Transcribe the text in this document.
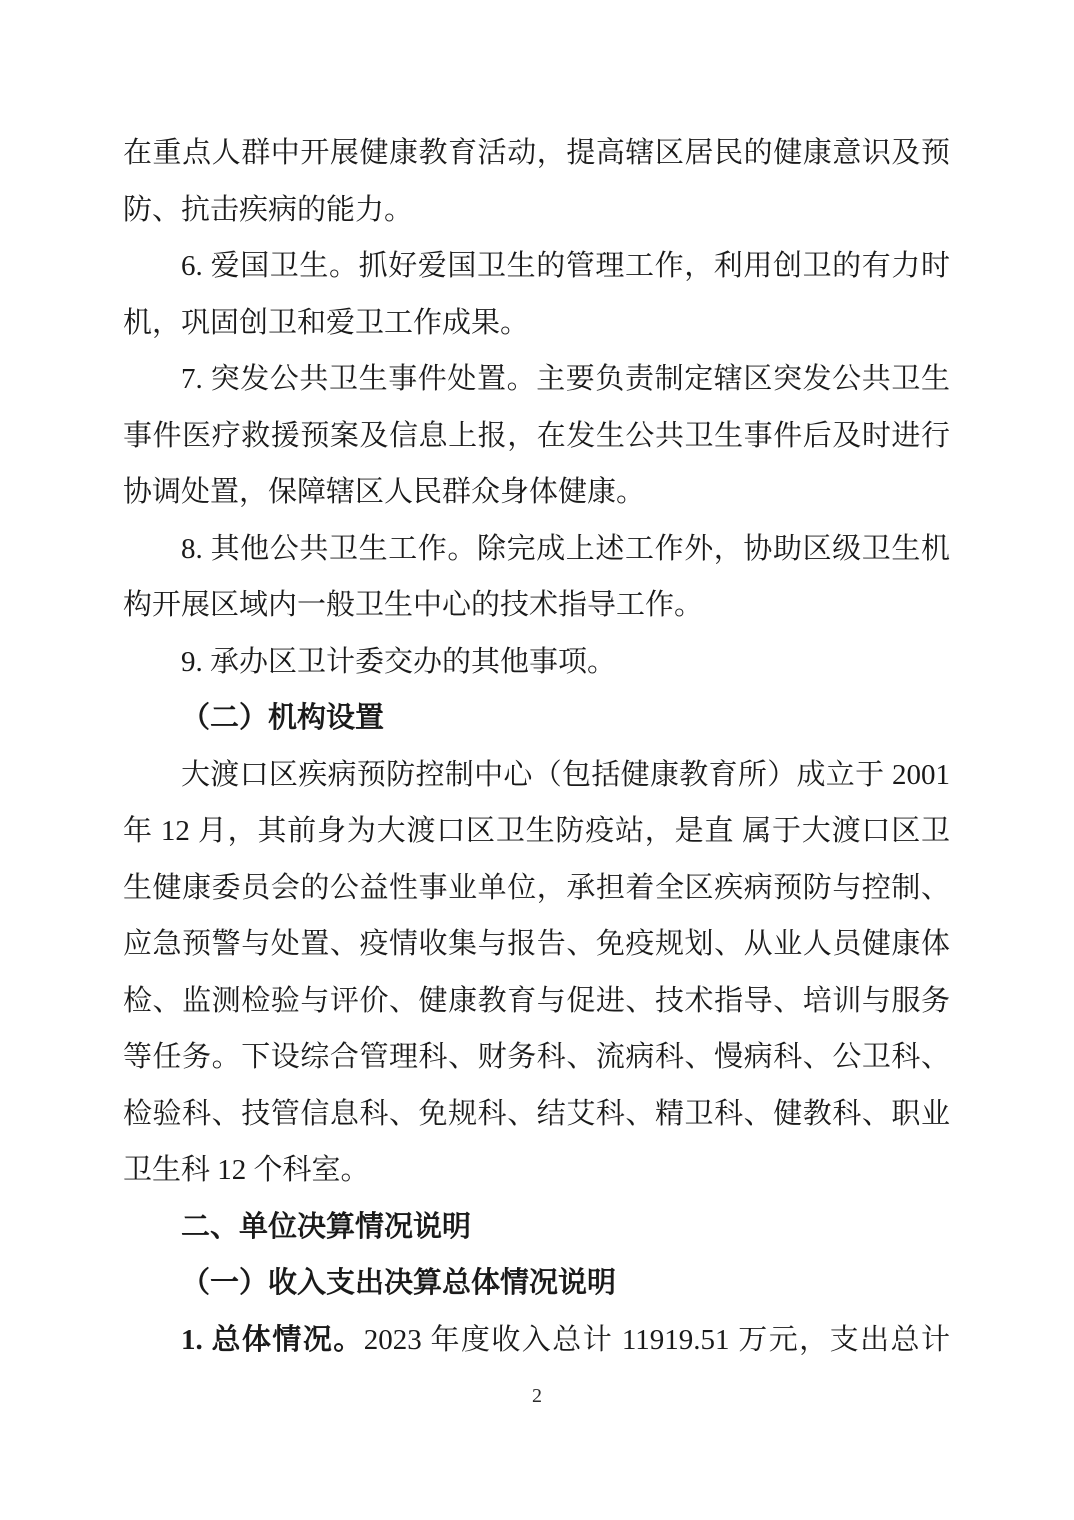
在重点人群中开展健康教育活动，提高辖区居民的健康意识及预
防、抗击疾病的能力。
6. 爱国卫生。抓好爱国卫生的管理工作，利用创卫的有力时
机，巩固创卫和爱卫工作成果。
7. 突发公共卫生事件处置。主要负责制定辖区突发公共卫生
事件医疗救援预案及信息上报，在发生公共卫生事件后及时进行
协调处置，保障辖区人民群众身体健康。
8. 其他公共卫生工作。除完成上述工作外，协助区级卫生机
构开展区域内一般卫生中心的技术指导工作。
9. 承办区卫计委交办的其他事项。
（二）机构设置
大渡口区疾病预防控制中心（包括健康教育所）成立于 2001
年 12 月，其前身为大渡口区卫生防疫站，是直 属于大渡口区卫
生健康委员会的公益性事业单位，承担着全区疾病预防与控制、
应急预警与处置、疫情收集与报告、免疫规划、从业人员健康体
检、监测检验与评价、健康教育与促进、技术指导、培训与服务
等任务。下设综合管理科、财务科、流病科、慢病科、公卫科、
检验科、技管信息科、免规科、结艾科、精卫科、健教科、职业
卫生科 12 个科室。
二、单位决算情况说明
（一）收入支出决算总体情况说明
1. 总体情况。2023 年度收入总计 11919.51 万元，支出总计
2
